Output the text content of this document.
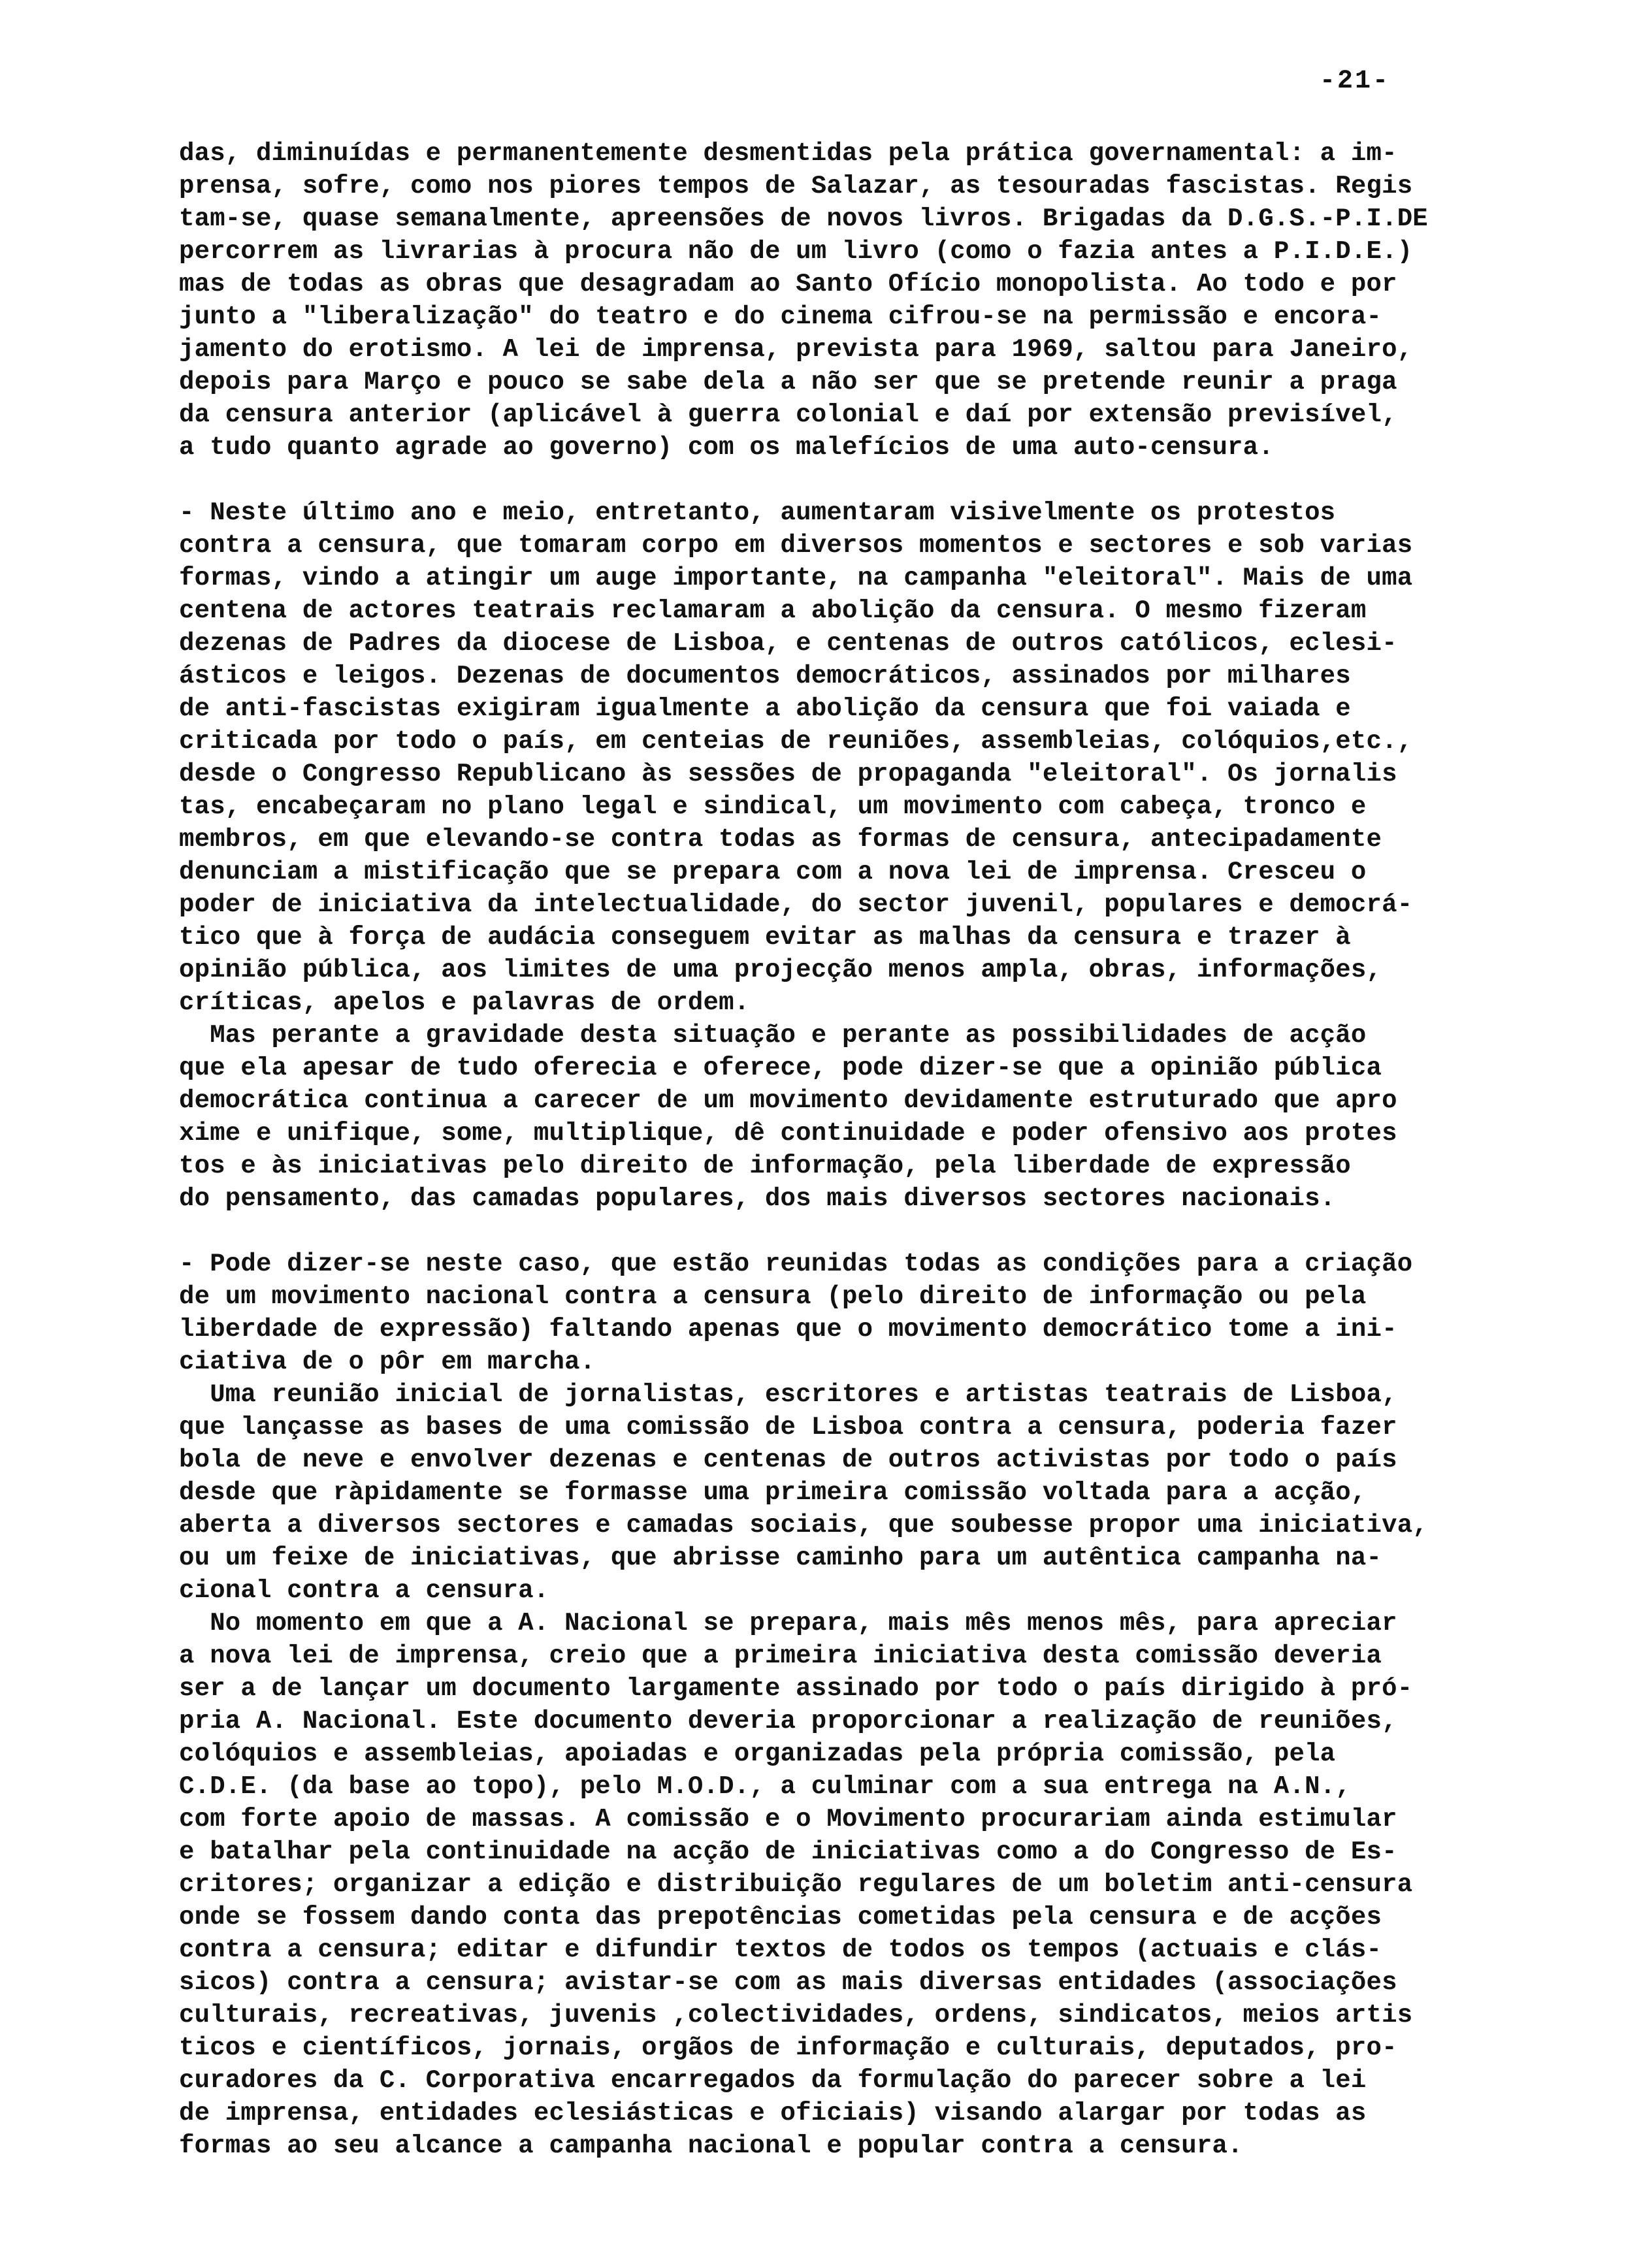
-21-
das, diminuídas e permanentemente desmentidas pela prática governamental: a im-
prensa, sofre, como nos piores tempos de Salazar, as tesouradas fascistas. Regis
tam-se, quase semanalmente, apreensões de novos livros. Brigadas da D.G.S.-P.I.DE
percorrem as livrarias à procura não de um livro (como o fazia antes a P.I.D.E.)
mas de todas as obras que desagradam ao Santo Ofício monopolista. Ao todo e por
junto a "liberalização" do teatro e do cinema cifrou-se na permissão e encora-
jamento do erotismo. A lei de imprensa, prevista para 1969, saltou para Janeiro,
depois para Março e pouco se sabe dela a não ser que se pretende reunir a praga
da censura anterior (aplicável à guerra colonial e daí por extensão previsível,
a tudo quanto agrade ao governo) com os malefícios de uma auto-censura.
- Neste último ano e meio, entretanto, aumentaram visivelmente os protestos
contra a censura, que tomaram corpo em diversos momentos e sectores e sob varias
formas, vindo a atingir um auge importante, na campanha "eleitoral". Mais de uma
centena de actores teatrais reclamaram a abolição da censura. O mesmo fizeram
dezenas de Padres da diocese de Lisboa, e centenas de outros católicos, eclesi-
ásticos e leigos. Dezenas de documentos democráticos, assinados por milhares
de anti-fascistas exigiram igualmente a abolição da censura que foi vaiada e
criticada por todo o país, em centeias de reuniões, assembleias, colóquios,etc.,
desde o Congresso Republicano às sessões de propaganda "eleitoral". Os jornalis
tas, encabeçaram no plano legal e sindical, um movimento com cabeça, tronco e
membros, em que elevando-se contra todas as formas de censura, antecipadamente
denunciam a mistificação que se prepara com a nova lei de imprensa. Cresceu o
poder de iniciativa da intelectualidade, do sector juvenil, populares e democrá-
tico que à força de audácia conseguem evitar as malhas da censura e trazer à
opinião pública, aos limites de uma projecção menos ampla, obras, informações,
críticas, apelos e palavras de ordem.
Mas perante a gravidade desta situação e perante as possibilidades de acção
que ela apesar de tudo oferecia e oferece, pode dizer-se que a opinião pública
democrática continua a carecer de um movimento devidamente estruturado que apro
xime e unifique, some, multiplique, dê continuidade e poder ofensivo aos protes
tos e às iniciativas pelo direito de informação, pela liberdade de expressão
do pensamento, das camadas populares, dos mais diversos sectores nacionais.
- Pode dizer-se neste caso, que estão reunidas todas as condições para a criação
de um movimento nacional contra a censura (pelo direito de informação ou pela
liberdade de expressão) faltando apenas que o movimento democrático tome a ini-
ciativa de o pôr em marcha.
Uma reunião inicial de jornalistas, escritores e artistas teatrais de Lisboa,
que lançasse as bases de uma comissão de Lisboa contra a censura, poderia fazer
bola de neve e envolver dezenas e centenas de outros activistas por todo o país
desde que ràpidamente se formasse uma primeira comissão voltada para a acção,
aberta a diversos sectores e camadas sociais, que soubesse propor uma iniciativa,
ou um feixe de iniciativas, que abrisse caminho para um autêntica campanha na-
cional contra a censura.
No momento em que a A. Nacional se prepara, mais mês menos mês, para apreciar
a nova lei de imprensa, creio que a primeira iniciativa desta comissão deveria
ser a de lançar um documento largamente assinado por todo o país dirigido à pró-
pria A. Nacional. Este documento deveria proporcionar a realização de reuniões,
colóquios e assembleias, apoiadas e organizadas pela própria comissão, pela
C.D.E. (da base ao topo), pelo M.O.D., a culminar com a sua entrega na A.N.,
com forte apoio de massas. A comissão e o Movimento procurariam ainda estimular
e batalhar pela continuidade na acção de iniciativas como a do Congresso de Es-
critores; organizar a edição e distribuição regulares de um boletim anti-censura
onde se fossem dando conta das prepotências cometidas pela censura e de acções
contra a censura; editar e difundir textos de todos os tempos (actuais e clás-
sicos) contra a censura; avistar-se com as mais diversas entidades (associações
culturais, recreativas, juvenis ,colectividades, ordens, sindicatos, meios artis
ticos e científicos, jornais, orgãos de informação e culturais, deputados, pro-
curadores da C. Corporativa encarregados da formulação do parecer sobre a lei
de imprensa, entidades eclesiásticas e oficiais) visando alargar por todas as
formas ao seu alcance a campanha nacional e popular contra a censura.
